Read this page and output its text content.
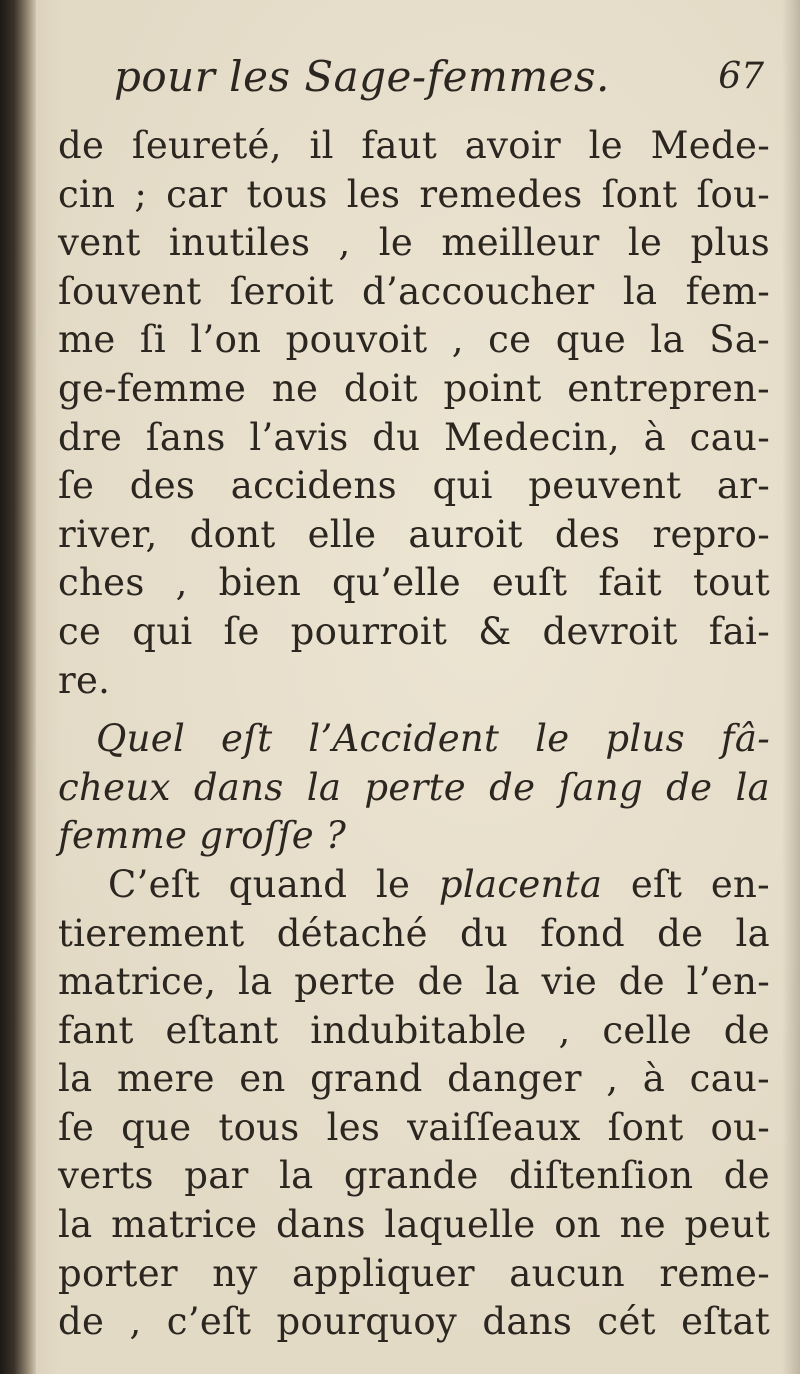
pour les Sage-femmes.	67
de ſeureté, il faut avoir le Mede-
cin ; car tous les remedes ſont ſou-
vent inutiles , le meilleur le plus
ſouvent ſeroit d’accoucher la fem-
me ſi l’on pouvoit , ce que la Sa-
ge-femme ne doit point entrepren-
dre ſans l’avis du Medecin, à cau-
ſe des accidens qui peuvent ar-
river, dont elle auroit des repro-
ches , bien qu’elle euſt fait tout
ce qui ſe pourroit & devroit fai-
re.
Quel eſt l’Accident le plus fâ-
cheux dans la perte de ſang de la
femme groſſe ?
C’eſt quand le placenta eſt en-
tierement détaché du fond de la
matrice, la perte de la vie de l’en-
fant eſtant indubitable , celle de
la mere en grand danger , à cau-
ſe que tous les vaiſſeaux ſont ou-
verts par la grande diſtenſion de
la matrice dans laquelle on ne peut
porter ny appliquer aucun reme-
de , c’eſt pourquoy dans cét eſtat
